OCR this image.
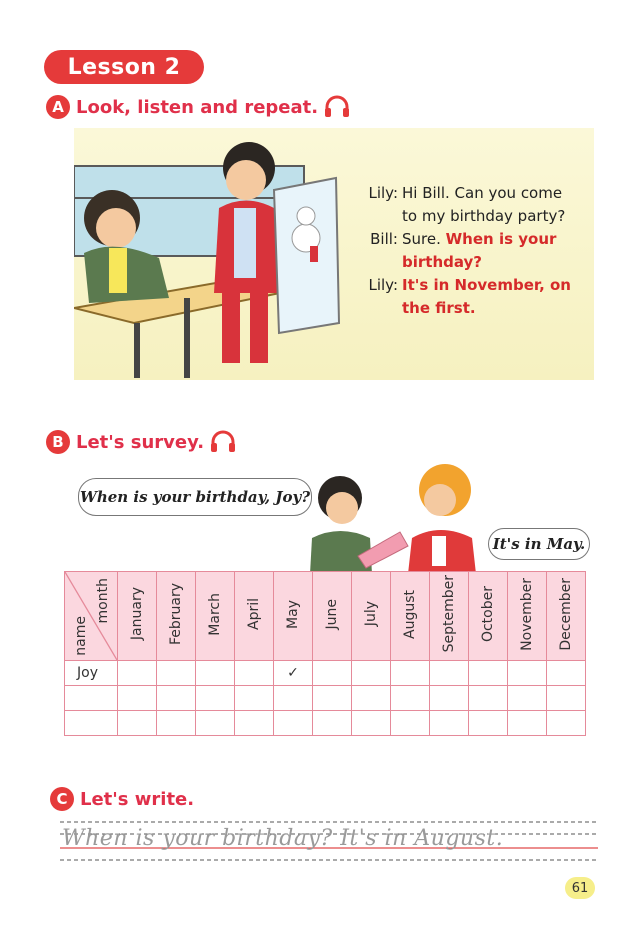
Lesson 2
A Look, listen and repeat.
Lily: Hi Bill. Can you come
to my birthday party?
Bill: Sure. When is your
birthday?
Lily: It's in November, on
the first.
B Let's survey.
When is your birthday, Joy?
It's in May.
name
month	January	February	March	April	May	June	July	August	September	October	November	December
Joy					✓							

C Let's write.
When is your birthday? It's in August.
61
